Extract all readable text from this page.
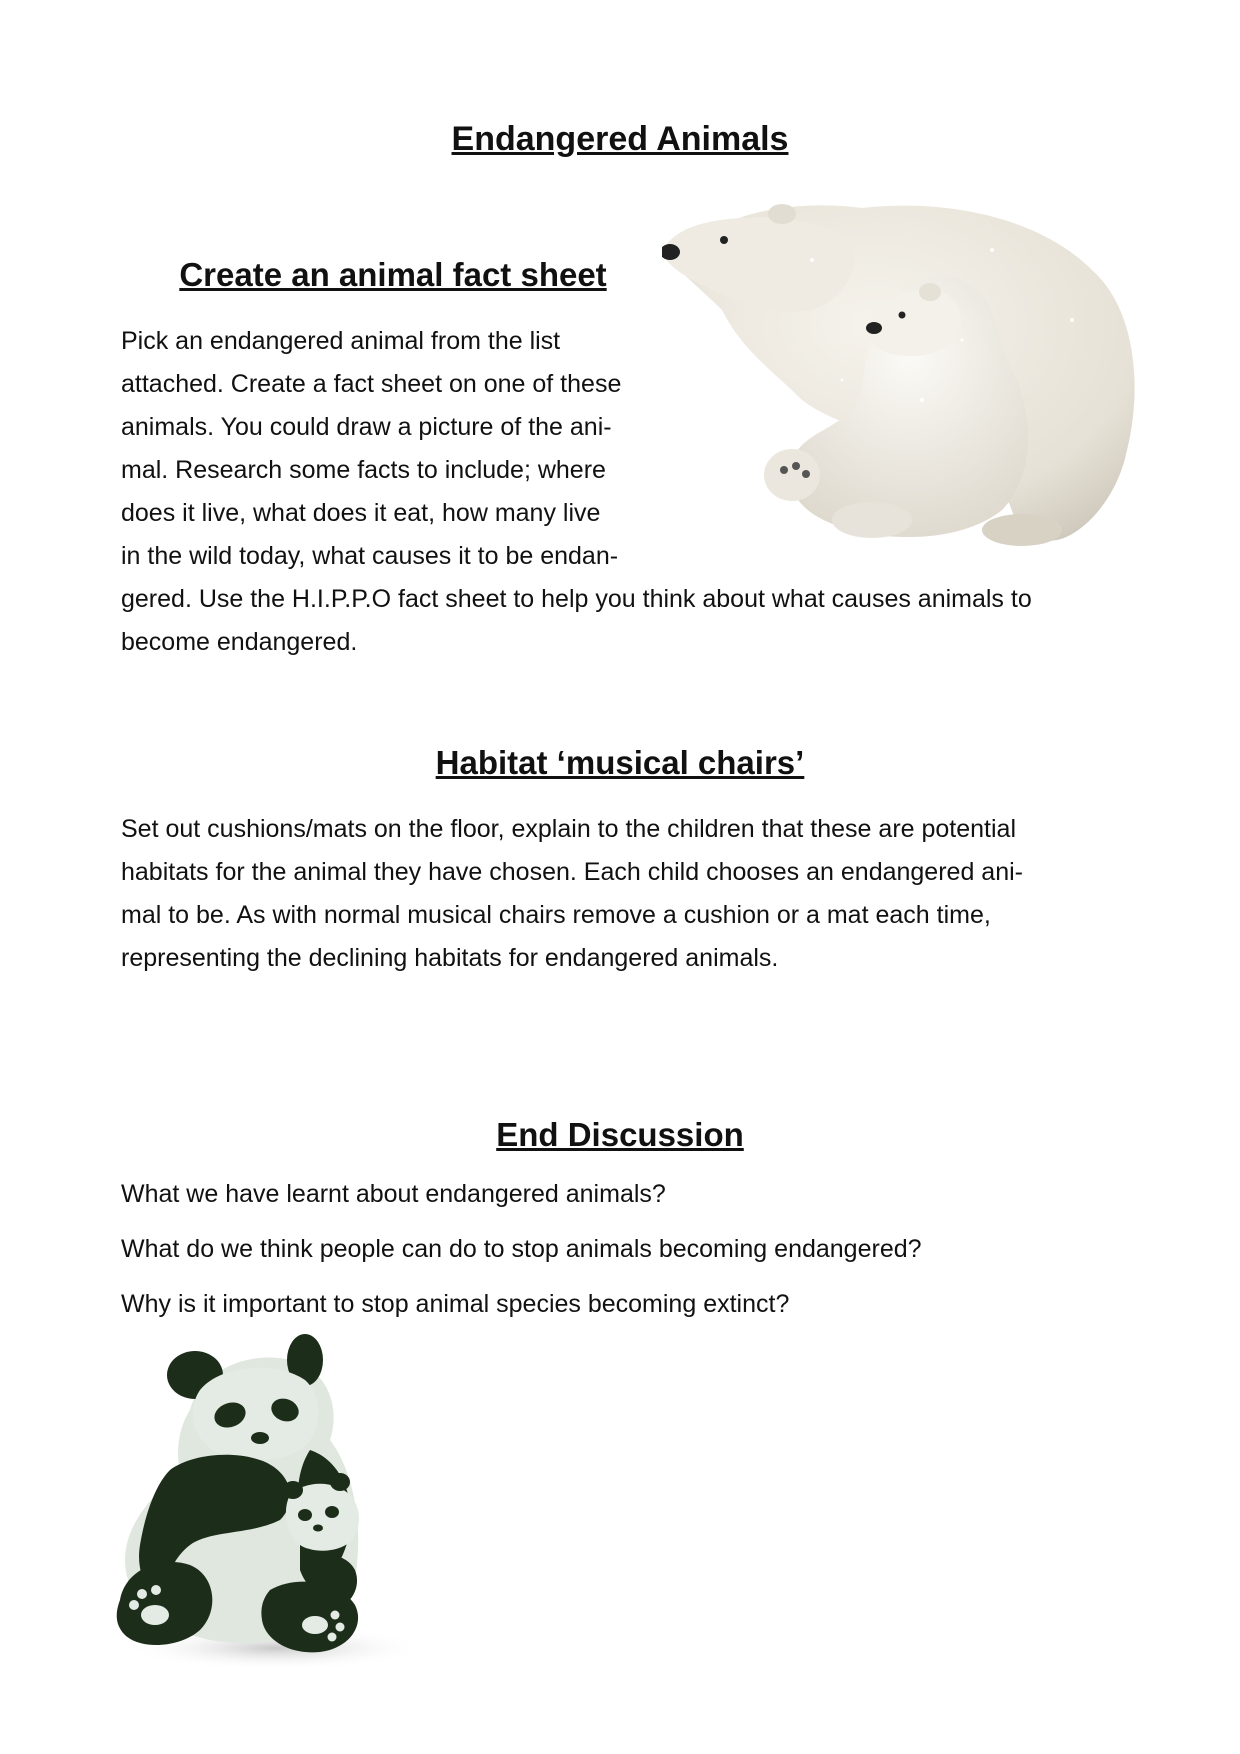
Endangered Animals
Create an animal fact sheet
Pick an endangered animal from the list
attached. Create a fact sheet on one of these
animals. You could draw a picture of the ani-
mal. Research some facts to include; where
does it live, what does it eat, how many live
in the wild today, what causes it to be endan-
gered. Use the H.I.P.P.O fact sheet to help you think about what causes animals to
become endangered.
Habitat ‘musical chairs’
Set out cushions/mats on the floor, explain to the children that these are potential
habitats for the animal they have chosen. Each child chooses an endangered ani-
mal to be. As with normal musical chairs remove a cushion or a mat each time,
representing the declining habitats for endangered animals.
End Discussion
What we have learnt about endangered animals?
What do we think people can do to stop animals becoming endangered?
Why is it important to stop animal species becoming extinct?
